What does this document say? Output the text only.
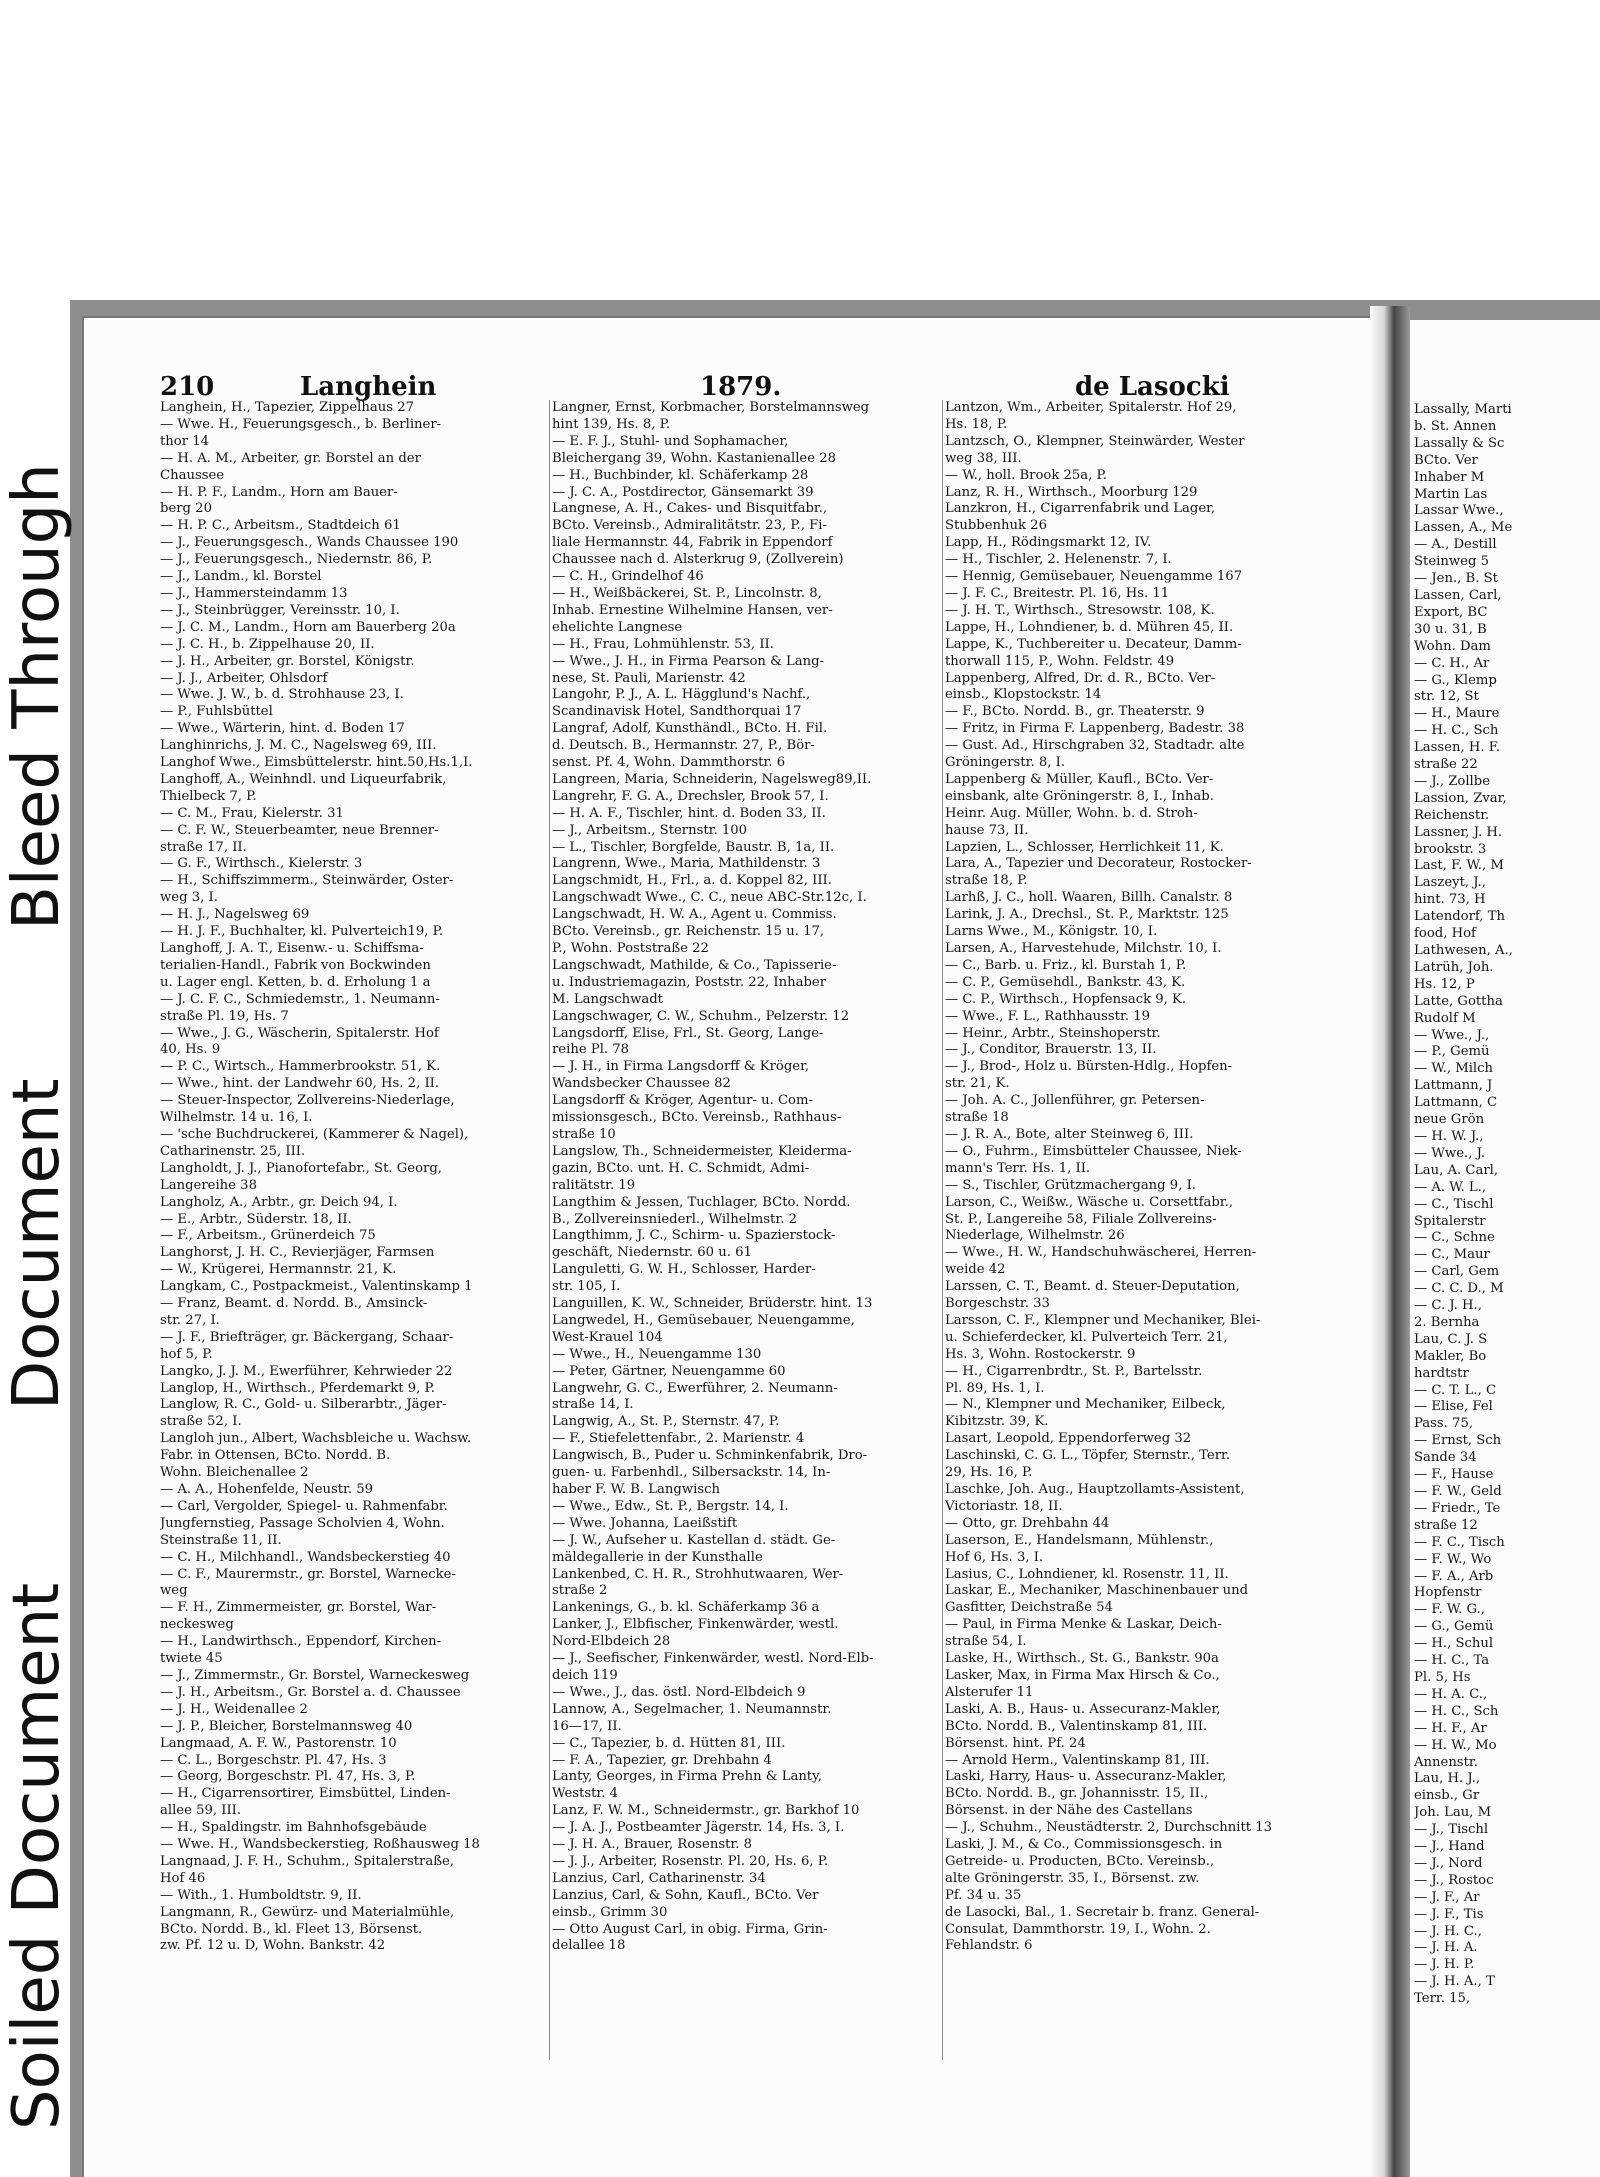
Lassally, Marti
b. St. Annen
Lassally & Sc
BCto. Ver
Inhaber M
Martin Las
Lassar Wwe.,
Lassen, A., Me
— A., Destill
Steinweg 5
— Jen., B. St
Lassen, Carl,
Export, BC
30 u. 31, B
Wohn. Dam
— C. H., Ar
— G., Klemp
str. 12, St
— H., Maure
— H. C., Sch
Lassen, H. F.
straße 22
— J., Zollbe
Lassion, Zvar,
Reichenstr.
Lassner, J. H.
brookstr. 3
Last, F. W., M
Laszeyt, J.,
hint. 73, H
Latendorf, Th
food, Hof
Lathwesen, A.,
Latrüh, Joh.
Hs. 12, P
Latte, Gottha
Rudolf M
— Wwe., J.,
— P., Gemü
— W., Milch
Lattmann, J
Lattmann, C
neue Grön
— H. W. J.,
— Wwe., J.
Lau, A. Carl,
— A. W. L.,
— C., Tischl
Spitalerstr
— C., Schne
— C., Maur
— Carl, Gem
— C. C. D., M
— C. J. H.,
2. Bernha
Lau, C. J. S
Makler, Bo
hardtstr
— C. T. L., C
— Elise, Fel
Pass. 75,
— Ernst, Sch
Sande 34
— F., Hause
— F. W., Geld
— Friedr., Te
straße 12
— F. C., Tisch
— F. W., Wo
— F. A., Arb
Hopfenstr
— F. W. G.,
— G., Gemü
— H., Schul
— H. C., Ta
Pl. 5, Hs
— H. A. C.,
— H. C., Sch
— H. F., Ar
— H. W., Mo
Annenstr.
Lau, H. J.,
einsb., Gr
Joh. Lau, M
— J., Tischl
— J., Hand
— J., Nord
— J., Rostoc
— J. F., Ar
— J. F., Tis
— J. H. C.,
— J. H. A.
— J. H. P.
— J. H. A., T
Terr. 15,
Bleed Through
Document
Soiled Document
210	Langhein	1879.	de Lasocki
Langhein, H., Tapezier, Zippelhaus 27
— Wwe. H., Feuerungsgesch., b. Berliner-
thor 14
— H. A. M., Arbeiter, gr. Borstel an der
Chaussee
— H. P. F., Landm., Horn am Bauer-
berg 20
— H. P. C., Arbeitsm., Stadtdeich 61
— J., Feuerungsgesch., Wands Chaussee 190
— J., Feuerungsgesch., Niedernstr. 86, P.
— J., Landm., kl. Borstel
— J., Hammersteindamm 13
— J., Steinbrügger, Vereinsstr. 10, I.
— J. C. M., Landm., Horn am Bauerberg 20a
— J. C. H., b. Zippelhause 20, II.
— J. H., Arbeiter, gr. Borstel, Königstr.
— J. J., Arbeiter, Ohlsdorf
— Wwe. J. W., b. d. Strohhause 23, I.
— P., Fuhlsbüttel
— Wwe., Wärterin, hint. d. Boden 17
Langhinrichs, J. M. C., Nagelsweg 69, III.
Langhof Wwe., Eimsbüttelerstr. hint.50,Hs.1,I.
Langhoff, A., Weinhndl. und Liqueurfabrik,
Thielbeck 7, P.
— C. M., Frau, Kielerstr. 31
— C. F. W., Steuerbeamter, neue Brenner-
straße 17, II.
— G. F., Wirthsch., Kielerstr. 3
— H., Schiffszimmerm., Steinwärder, Oster-
weg 3, I.
— H. J., Nagelsweg 69
— H. J. F., Buchhalter, kl. Pulverteich19, P.
Langhoff, J. A. T., Eisenw.- u. Schiffsma-
terialien-Handl., Fabrik von Bockwinden
u. Lager engl. Ketten, b. d. Erholung 1 a
— J. C. F. C., Schmiedemstr., 1. Neumann-
straße Pl. 19, Hs. 7
— Wwe., J. G., Wäscherin, Spitalerstr. Hof
40, Hs. 9
— P. C., Wirtsch., Hammerbrookstr. 51, K.
— Wwe., hint. der Landwehr 60, Hs. 2, II.
— Steuer-Inspector, Zollvereins-Niederlage,
Wilhelmstr. 14 u. 16, I.
— 'sche Buchdruckerei, (Kammerer & Nagel),
Catharinenstr. 25, III.
Langholdt, J. J., Pianofortefabr., St. Georg,
Langereihe 38
Langholz, A., Arbtr., gr. Deich 94, I.
— E., Arbtr., Süderstr. 18, II.
— F., Arbeitsm., Grünerdeich 75
Langhorst, J. H. C., Revierjäger, Farmsen
— W., Krügerei, Hermannstr. 21, K.
Langkam, C., Postpackmeist., Valentinskamp 1
— Franz, Beamt. d. Nordd. B., Amsinck-
str. 27, I.
— J. F., Briefträger, gr. Bäckergang, Schaar-
hof 5, P.
Langko, J. J. M., Ewerführer, Kehrwieder 22
Langlop, H., Wirthsch., Pferdemarkt 9, P.
Langlow, R. C., Gold- u. Silberarbtr., Jäger-
straße 52, I.
Langloh jun., Albert, Wachsbleiche u. Wachsw.
Fabr. in Ottensen, BCto. Nordd. B.
Wohn. Bleichenallee 2
— A. A., Hohenfelde, Neustr. 59
— Carl, Vergolder, Spiegel- u. Rahmenfabr.
Jungfernstieg, Passage Scholvien 4, Wohn.
Steinstraße 11, II.
— C. H., Milchhandl., Wandsbeckerstieg 40
— C. F., Maurermstr., gr. Borstel, Warnecke-
weg
— F. H., Zimmermeister, gr. Borstel, War-
neckesweg
— H., Landwirthsch., Eppendorf, Kirchen-
twiete 45
— J., Zimmermstr., Gr. Borstel, Warneckesweg
— J. H., Arbeitsm., Gr. Borstel a. d. Chaussee
— J. H., Weidenallee 2
— J. P., Bleicher, Borstelmannsweg 40
Langmaad, A. F. W., Pastorenstr. 10
— C. L., Borgeschstr. Pl. 47, Hs. 3
— Georg, Borgeschstr. Pl. 47, Hs. 3, P.
— H., Cigarrensortirer, Eimsbüttel, Linden-
allee 59, III.
— H., Spaldingstr. im Bahnhofsgebäude
— Wwe. H., Wandsbeckerstieg, Roßhausweg 18
Langnaad, J. F. H., Schuhm., Spitalerstraße,
Hof 46
— With., 1. Humboldtstr. 9, II.
Langmann, R., Gewürz- und Materialmühle,
BCto. Nordd. B., kl. Fleet 13, Börsenst.
zw. Pf. 12 u. D, Wohn. Bankstr. 42
Langner, Ernst, Korbmacher, Borstelmannsweg
hint 139, Hs. 8, P.
— E. F. J., Stuhl- und Sophamacher,
Bleichergang 39, Wohn. Kastanienallee 28
— H., Buchbinder, kl. Schäferkamp 28
— J. C. A., Postdirector, Gänsemarkt 39
Langnese, A. H., Cakes- und Bisquitfabr.,
BCto. Vereinsb., Admiralitätstr. 23, P., Fi-
liale Hermannstr. 44, Fabrik in Eppendorf
Chaussee nach d. Alsterkrug 9, (Zollverein)
— C. H., Grindelhof 46
— H., Weißbäckerei, St. P., Lincolnstr. 8,
Inhab. Ernestine Wilhelmine Hansen, ver-
ehelichte Langnese
— H., Frau, Lohmühlenstr. 53, II.
— Wwe., J. H., in Firma Pearson & Lang-
nese, St. Pauli, Marienstr. 42
Langohr, P. J., A. L. Hägglund's Nachf.,
Scandinavisk Hotel, Sandthorquai 17
Langraf, Adolf, Kunsthändl., BCto. H. Fil.
d. Deutsch. B., Hermannstr. 27, P., Bör-
senst. Pf. 4, Wohn. Dammthorstr. 6
Langreen, Maria, Schneiderin, Nagelsweg89,II.
Langrehr, F. G. A., Drechsler, Brook 57, I.
— H. A. F., Tischler, hint. d. Boden 33, II.
— J., Arbeitsm., Sternstr. 100
— L., Tischler, Borgfelde, Baustr. B, 1a, II.
Langrenn, Wwe., Maria, Mathildenstr. 3
Langschmidt, H., Frl., a. d. Koppel 82, III.
Langschwadt Wwe., C. C., neue ABC-Str.12c, I.
Langschwadt, H. W. A., Agent u. Commiss.
BCto. Vereinsb., gr. Reichenstr. 15 u. 17,
P., Wohn. Poststraße 22
Langschwadt, Mathilde, & Co., Tapisserie-
u. Industriemagazin, Poststr. 22, Inhaber
M. Langschwadt
Langschwager, C. W., Schuhm., Pelzerstr. 12
Langsdorff, Elise, Frl., St. Georg, Lange-
reihe Pl. 78
— J. H., in Firma Langsdorff & Kröger,
Wandsbecker Chaussee 82
Langsdorff & Kröger, Agentur- u. Com-
missionsgesch., BCto. Vereinsb., Rathhaus-
straße 10
Langslow, Th., Schneidermeister, Kleiderma-
gazin, BCto. unt. H. C. Schmidt, Admi-
ralitätstr. 19
Langthim & Jessen, Tuchlager, BCto. Nordd.
B., Zollvereinsniederl., Wilhelmstr. 2
Langthimm, J. C., Schirm- u. Spazierstock-
geschäft, Niedernstr. 60 u. 61
Languletti, G. W. H., Schlosser, Harder-
str. 105, I.
Languillen, K. W., Schneider, Brüderstr. hint. 13
Langwedel, H., Gemüsebauer, Neuengamme,
West-Krauel 104
— Wwe., H., Neuengamme 130
— Peter, Gärtner, Neuengamme 60
Langwehr, G. C., Ewerführer, 2. Neumann-
straße 14, I.
Langwig, A., St. P., Sternstr. 47, P.
— F., Stiefelettenfabr., 2. Marienstr. 4
Langwisch, B., Puder u. Schminkenfabrik, Dro-
guen- u. Farbenhdl., Silbersackstr. 14, In-
haber F. W. B. Langwisch
— Wwe., Edw., St. P., Bergstr. 14, I.
— Wwe. Johanna, Laeißstift
— J. W., Aufseher u. Kastellan d. städt. Ge-
mäldegallerie in der Kunsthalle
Lankenbed, C. H. R., Strohhutwaaren, Wer-
straße 2
Lankenings, G., b. kl. Schäferkamp 36 a
Lanker, J., Elbfischer, Finkenwärder, westl.
Nord-Elbdeich 28
— J., Seefischer, Finkenwärder, westl. Nord-Elb-
deich 119
— Wwe., J., das. östl. Nord-Elbdeich 9
Lannow, A., Segelmacher, 1. Neumannstr.
16—17, II.
— C., Tapezier, b. d. Hütten 81, III.
— F. A., Tapezier, gr. Drehbahn 4
Lanty, Georges, in Firma Prehn & Lanty,
Weststr. 4
Lanz, F. W. M., Schneidermstr., gr. Barkhof 10
— J. A. J., Postbeamter Jägerstr. 14, Hs. 3, I.
— J. H. A., Brauer, Rosenstr. 8
— J. J., Arbeiter, Rosenstr. Pl. 20, Hs. 6, P.
Lanzius, Carl, Catharinenstr. 34
Lanzius, Carl, & Sohn, Kaufl., BCto. Ver
einsb., Grimm 30
— Otto August Carl, in obig. Firma, Grin-
delallee 18
Lantzon, Wm., Arbeiter, Spitalerstr. Hof 29,
Hs. 18, P.
Lantzsch, O., Klempner, Steinwärder, Wester
weg 38, III.
— W., holl. Brook 25a, P.
Lanz, R. H., Wirthsch., Moorburg 129
Lanzkron, H., Cigarrenfabrik und Lager,
Stubbenhuk 26
Lapp, H., Rödingsmarkt 12, IV.
— H., Tischler, 2. Helenenstr. 7, I.
— Hennig, Gemüsebauer, Neuengamme 167
— J. F. C., Breitestr. Pl. 16, Hs. 11
— J. H. T., Wirthsch., Stresowstr. 108, K.
Lappe, H., Lohndiener, b. d. Mühren 45, II.
Lappe, K., Tuchbereiter u. Decateur, Damm-
thorwall 115, P., Wohn. Feldstr. 49
Lappenberg, Alfred, Dr. d. R., BCto. Ver-
einsb., Klopstockstr. 14
— F., BCto. Nordd. B., gr. Theaterstr. 9
— Fritz, in Firma F. Lappenberg, Badestr. 38
— Gust. Ad., Hirschgraben 32, Stadtadr. alte
Gröningerstr. 8, I.
Lappenberg & Müller, Kaufl., BCto. Ver-
einsbank, alte Gröningerstr. 8, I., Inhab.
Heinr. Aug. Müller, Wohn. b. d. Stroh-
hause 73, II.
Lapzien, L., Schlosser, Herrlichkeit 11, K.
Lara, A., Tapezier und Decorateur, Rostocker-
straße 18, P.
Larhß, J. C., holl. Waaren, Billh. Canalstr. 8
Larink, J. A., Drechsl., St. P., Marktstr. 125
Larns Wwe., M., Königstr. 10, I.
Larsen, A., Harvestehude, Milchstr. 10, I.
— C., Barb. u. Friz., kl. Burstah 1, P.
— C. P., Gemüsehdl., Bankstr. 43, K.
— C. P., Wirthsch., Hopfensack 9, K.
— Wwe., F. L., Rathhausstr. 19
— Heinr., Arbtr., Steinshoperstr.
— J., Conditor, Brauerstr. 13, II.
— J., Brod-, Holz u. Bürsten-Hdlg., Hopfen-
str. 21, K.
— Joh. A. C., Jollenführer, gr. Petersen-
straße 18
— J. R. A., Bote, alter Steinweg 6, III.
— O., Fuhrm., Eimsbütteler Chaussee, Niek-
mann's Terr. Hs. 1, II.
— S., Tischler, Grützmachergang 9, I.
Larson, C., Weißw., Wäsche u. Corsettfabr.,
St. P., Langereihe 58, Filiale Zollvereins-
Niederlage, Wilhelmstr. 26
— Wwe., H. W., Handschuhwäscherei, Herren-
weide 42
Larssen, C. T., Beamt. d. Steuer-Deputation,
Borgeschstr. 33
Larsson, C. F., Klempner und Mechaniker, Blei-
u. Schieferdecker, kl. Pulverteich Terr. 21,
Hs. 3, Wohn. Rostockerstr. 9
— H., Cigarrenbrdtr., St. P., Bartelsstr.
Pl. 89, Hs. 1, I.
— N., Klempner und Mechaniker, Eilbeck,
Kibitzstr. 39, K.
Lasart, Leopold, Eppendorferweg 32
Laschinski, C. G. L., Töpfer, Sternstr., Terr.
29, Hs. 16, P.
Laschke, Joh. Aug., Hauptzollamts-Assistent,
Victoriastr. 18, II.
— Otto, gr. Drehbahn 44
Laserson, E., Handelsmann, Mühlenstr.,
Hof 6, Hs. 3, I.
Lasius, C., Lohndiener, kl. Rosenstr. 11, II.
Laskar, E., Mechaniker, Maschinenbauer und
Gasfitter, Deichstraße 54
— Paul, in Firma Menke & Laskar, Deich-
straße 54, I.
Laske, H., Wirthsch., St. G., Bankstr. 90a
Lasker, Max, in Firma Max Hirsch & Co.,
Alsterufer 11
Laski, A. B., Haus- u. Assecuranz-Makler,
BCto. Nordd. B., Valentinskamp 81, III.
Börsenst. hint. Pf. 24
— Arnold Herm., Valentinskamp 81, III.
Laski, Harry, Haus- u. Assecuranz-Makler,
BCto. Nordd. B., gr. Johannisstr. 15, II.,
Börsenst. in der Nähe des Castellans
— J., Schuhm., Neustädterstr. 2, Durchschnitt 13
Laski, J. M., & Co., Commissionsgesch. in
Getreide- u. Producten, BCto. Vereinsb.,
alte Gröningerstr. 35, I., Börsenst. zw.
Pf. 34 u. 35
de Lasocki, Bal., 1. Secretair b. franz. General-
Consulat, Dammthorstr. 19, I., Wohn. 2.
Fehlandstr. 6
